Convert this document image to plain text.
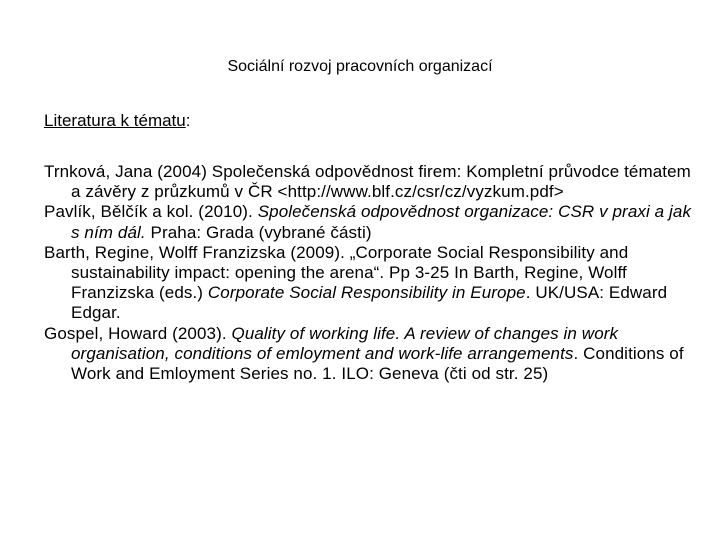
Sociální rozvoj pracovních organizací
Literatura k tématu:

Trnková, Jana (2004) Společenská odpovědnost firem: Kompletní průvodce tématem a závěry z průzkumů v ČR <http://www.blf.cz/csr/cz/vyzkum.pdf>

Pavlík, Bělčík a kol. (2010). Společenská odpovědnost organizace: CSR v praxi a jak s ním dál. Praha: Grada (vybrané části)

Barth, Regine, Wolff Franzizska (2009). „Corporate Social Responsibility and sustainability impact: opening the arena“. Pp 3-25 In Barth, Regine, Wolff Franzizska (eds.) Corporate Social Responsibility in Europe. UK/USA: Edward Edgar.

Gospel, Howard (2003). Quality of working life. A review of changes in work organisation, conditions of emloyment and work-life arrangements. Conditions of Work and Emloyment Series no. 1. ILO: Geneva (čti od str. 25)
